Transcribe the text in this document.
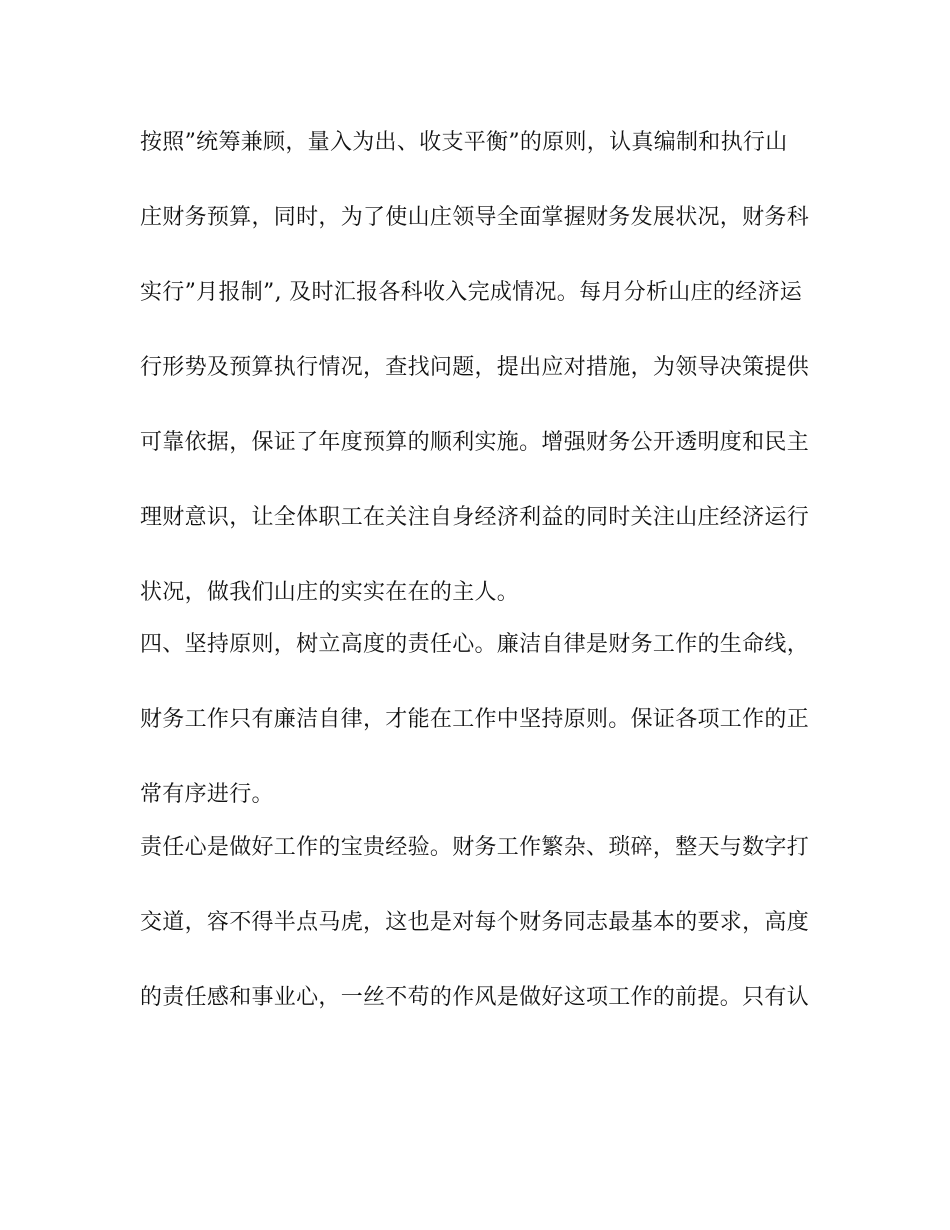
按照”统筹兼顾，量入为出、收支平衡”的原则，认真编制和执行山
庄财务预算，同时，为了使山庄领导全面掌握财务发展状况，财务科
实行”月报制”, 及时汇报各科收入完成情况。每月分析山庄的经济运
行形势及预算执行情况，查找问题，提出应对措施，为领导决策提供
可靠依据，保证了年度预算的顺利实施。增强财务公开透明度和民主
理财意识，让全体职工在关注自身经济利益的同时关注山庄经济运行
状况，做我们山庄的实实在在的主人。
四、坚持原则，树立高度的责任心。廉洁自律是财务工作的生命线，
财务工作只有廉洁自律，才能在工作中坚持原则。保证各项工作的正
常有序进行。
责任心是做好工作的宝贵经验。财务工作繁杂、琐碎，整天与数字打
交道，容不得半点马虎，这也是对每个财务同志最基本的要求，高度
的责任感和事业心，一丝不苟的作风是做好这项工作的前提。只有认
